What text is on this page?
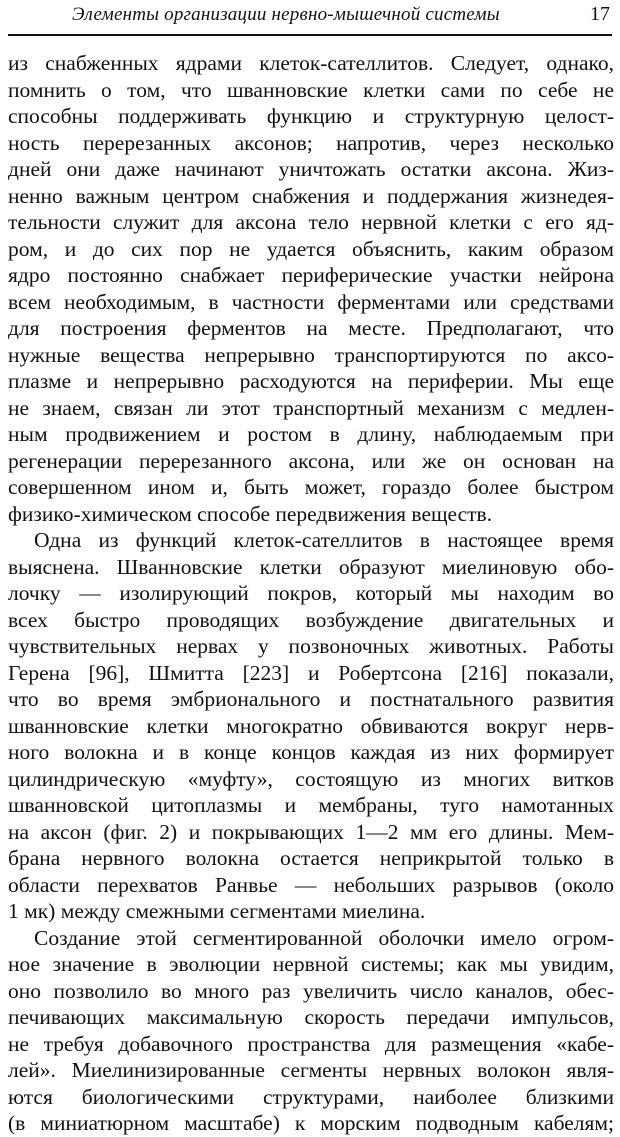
Элементы организации нервно-мышечной системы	17
из снабженных ядрами клеток-сателлитов. Следует, однако,
помнить о том, что шванновские клетки сами по себе не
способны поддерживать функцию и структурную целост-
ность перерезанных аксонов; напротив, через несколько
дней они даже начинают уничтожать остатки аксона. Жиз-
ненно важным центром снабжения и поддержания жизнедея-
тельности служит для аксона тело нервной клетки с его яд-
ром, и до сих пор не удается объяснить, каким образом
ядро постоянно снабжает периферические участки нейрона
всем необходимым, в частности ферментами или средствами
для построения ферментов на месте. Предполагают, что
нужные вещества непрерывно транспортируются по аксо-
плазме и непрерывно расходуются на периферии. Мы еще
не знаем, связан ли этот транспортный механизм с медлен-
ным продвижением и ростом в длину, наблюдаемым при
регенерации перерезанного аксона, или же он основан на
совершенном ином и, быть может, гораздо более быстром
физико-химическом способе передвижения веществ.
Одна из функций клеток-сателлитов в настоящее время
выяснена. Шванновские клетки образуют миелиновую обо-
лочку — изолирующий покров, который мы находим во
всех быстро проводящих возбуждение двигательных и
чувствительных нервах у позвоночных животных. Работы
Герена [96], Шмитта [223] и Робертсона [216] показали,
что во время эмбрионального и постнатального развития
шванновские клетки многократно обвиваются вокруг нерв-
ного волокна и в конце концов каждая из них формирует
цилиндрическую «муфту», состоящую из многих витков
шванновской цитоплазмы и мембраны, туго намотанных
на аксон (фиг. 2) и покрывающих 1—2 мм его длины. Мем-
брана нервного волокна остается неприкрытой только в
области перехватов Ранвье — небольших разрывов (около
1 мк) между смежными сегментами миелина.
Создание этой сегментированной оболочки имело огром-
ное значение в эволюции нервной системы; как мы увидим,
оно позволило во много раз увеличить число каналов, обес-
печивающих максимальную скорость передачи импульсов,
не требуя добавочного пространства для размещения «кабе-
лей». Миелинизированные сегменты нервных волокон явля-
ются биологическими структурами, наиболее близкими
(в миниатюрном масштабе) к морским подводным кабелям;
